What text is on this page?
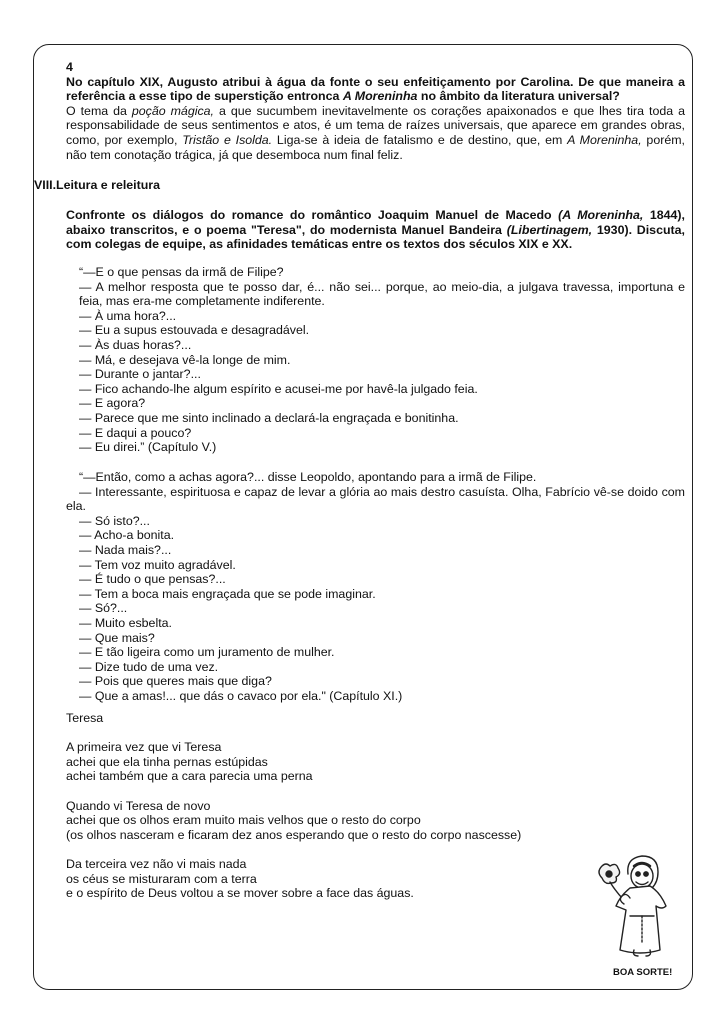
4

No capítulo XIX, Augusto atribui à água da fonte o seu enfeitiçamento por Carolina. De que maneira a referência a esse tipo de superstição entronca A Moreninha no âmbito da literatura universal?

O tema da poção mágica, a que sucumbem inevitavelmente os corações apaixonados e que lhes tira toda a responsabilidade de seus sentimentos e atos, é um tema de raízes universais, que aparece em grandes obras, como, por exemplo, Tristão e Isolda. Liga-se à ideia de fatalismo e de destino, que, em A Moreninha, porém, não tem conotação trágica, já que desemboca num final feliz.

VIII.Leitura e releitura
Confronte os diálogos do romance do romântico Joaquim Manuel de Macedo (A Moreninha, 1844), abaixo transcritos, e o poema "Teresa", do modernista Manuel Bandeira (Libertinagem, 1930). Discuta, com colegas de equipe, as afinidades temáticas entre os textos dos séculos XIX e XX.

“—E o que pensas da irmã de Filipe?

— A melhor resposta que te posso dar, é... não sei... porque, ao meio-dia, a julgava travessa, importuna e feia, mas era-me completamente indiferente.

— À uma hora?...

— Eu a supus estouvada e desagradável.

— Às duas horas?...

— Má, e desejava vê-la longe de mim.

— Durante o jantar?...

— Fico achando-lhe algum espírito e acusei-me por havê-la julgado feia.

— E agora?

— Parece que me sinto inclinado a declará-la engraçada e bonitinha.

— E daqui a pouco?

— Eu direi.” (Capítulo V.)

“—Então, como a achas agora?... disse Leopoldo, apontando para a irmã de Filipe.

— Interessante, espirituosa e capaz de levar a glória ao mais destro casuísta. Olha, Fabrício vê-se doido com ela.

— Só isto?...

— Acho-a bonita.

— Nada mais?...

— Tem voz muito agradável.

— É tudo o que pensas?...

— Tem a boca mais engraçada que se pode imaginar.

— Só?...

— Muito esbelta.

— Que mais?

— E tão ligeira como um juramento de mulher.

— Dize tudo de uma vez.

— Pois que queres mais que diga?

— Que a amas!... que dás o cavaco por ela." (Capítulo XI.)

Teresa

A primeira vez que vi Teresa

achei que ela tinha pernas estúpidas

achei também que a cara parecia uma perna

Quando vi Teresa de novo

achei que os olhos eram muito mais velhos que o resto do corpo

(os olhos nasceram e ficaram dez anos esperando que o resto do corpo nascesse)

Da terceira vez não vi mais nada

os céus se misturaram com a terra

e o espírito de Deus voltou a se mover sobre a face das águas.

BOA SORTE!
